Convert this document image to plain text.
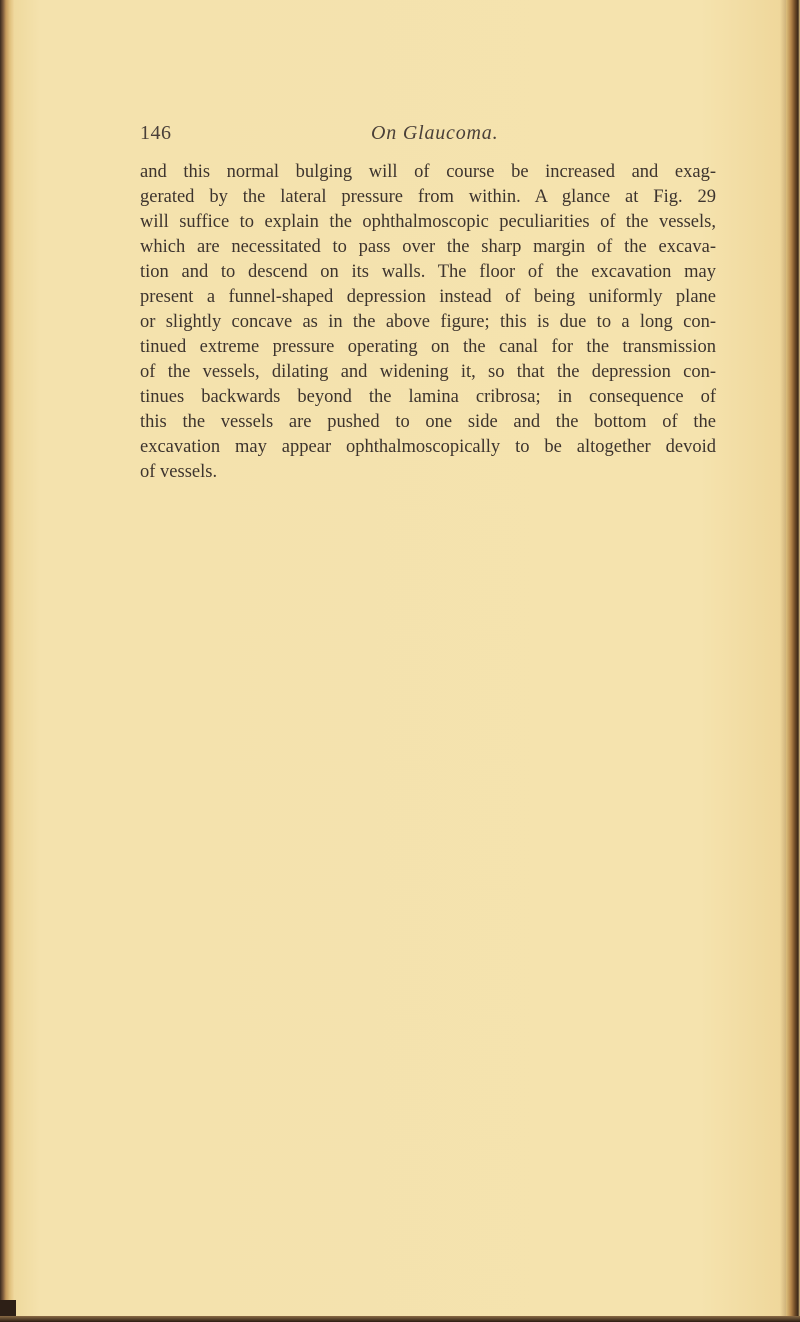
146	On Glaucoma.
and this normal bulging will of course be increased and exag-
gerated by the lateral pressure from within. A glance at Fig. 29
will suffice to explain the ophthalmoscopic peculiarities of the vessels,
which are necessitated to pass over the sharp margin of the excava-
tion and to descend on its walls. The floor of the excavation may
present a funnel-shaped depression instead of being uniformly plane
or slightly concave as in the above figure; this is due to a long con-
tinued extreme pressure operating on the canal for the transmission
of the vessels, dilating and widening it, so that the depression con-
tinues backwards beyond the lamina cribrosa; in consequence of
this the vessels are pushed to one side and the bottom of the
excavation may appear ophthalmoscopically to be altogether devoid
of vessels.
